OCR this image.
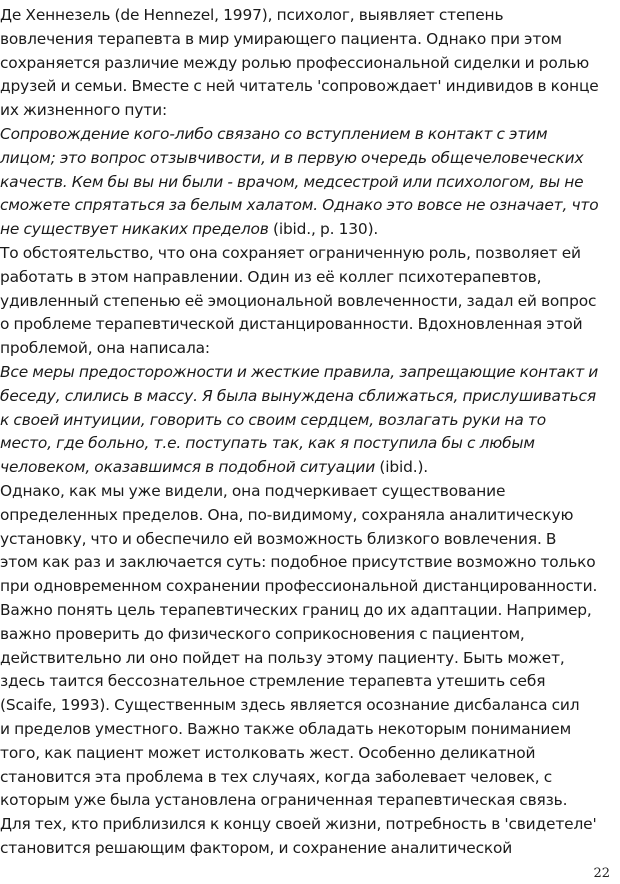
Де Хеннезель (de Hennezel, 1997), психолог, выявляет степень
вовлечения терапевта в мир умирающего пациента. Однако при этом
сохраняется различие между ролью профессиональной сиделки и ролью
друзей и семьи. Вместе с ней читатель 'сопровождает' индивидов в конце
их жизненного пути:
Сопровождение кого-либо связано со вступлением в контакт с этим
лицом; это вопрос отзывчивости, и в первую очередь общечеловеческих
качеств. Кем бы вы ни были - врачом, медсестрой или психологом, вы не
сможете спрятаться за белым халатом. Однако это вовсе не означает, что
не существует никаких пределов (ibid., р. 130).
То обстоятельство, что она сохраняет ограниченную роль, позволяет ей
работать в этом направлении. Один из её коллег психотерапевтов,
удивленный степенью её эмоциональной вовлеченности, задал ей вопрос
о проблеме терапевтической дистанцированности. Вдохновленная этой
проблемой, она написала:
Все меры предосторожности и жесткие правила, запрещающие контакт и
беседу, слились в массу. Я была вынуждена сближаться, прислушиваться
к своей интуиции, говорить со своим сердцем, возлагать руки на то
место, где больно, т.е. поступать так, как я поступила бы с любым
человеком, оказавшимся в подобной ситуации (ibid.).
Однако, как мы уже видели, она подчеркивает существование
определенных пределов. Она, по-видимому, сохраняла аналитическую
установку, что и обеспечило ей возможность близкого вовлечения. В
этом как раз и заключается суть: подобное присутствие возможно только
при одновременном сохранении профессиональной дистанцированности.
Важно понять цель терапевтических границ до их адаптации. Например,
важно проверить до физического соприкосновения с пациентом,
действительно ли оно пойдет на пользу этому пациенту. Быть может,
здесь таится бессознательное стремление терапевта утешить себя
(Scaife, 1993). Существенным здесь является осознание дисбаланса сил
и пределов уместного. Важно также обладать некоторым пониманием
того, как пациент может истолковать жест. Особенно деликатной
становится эта проблема в тех случаях, когда заболевает человек, с
которым уже была установлена ограниченная терапевтическая связь.
Для тех, кто приблизился к концу своей жизни, потребность в 'свидетеле'
становится решающим фактором, и сохранение аналитической
22
